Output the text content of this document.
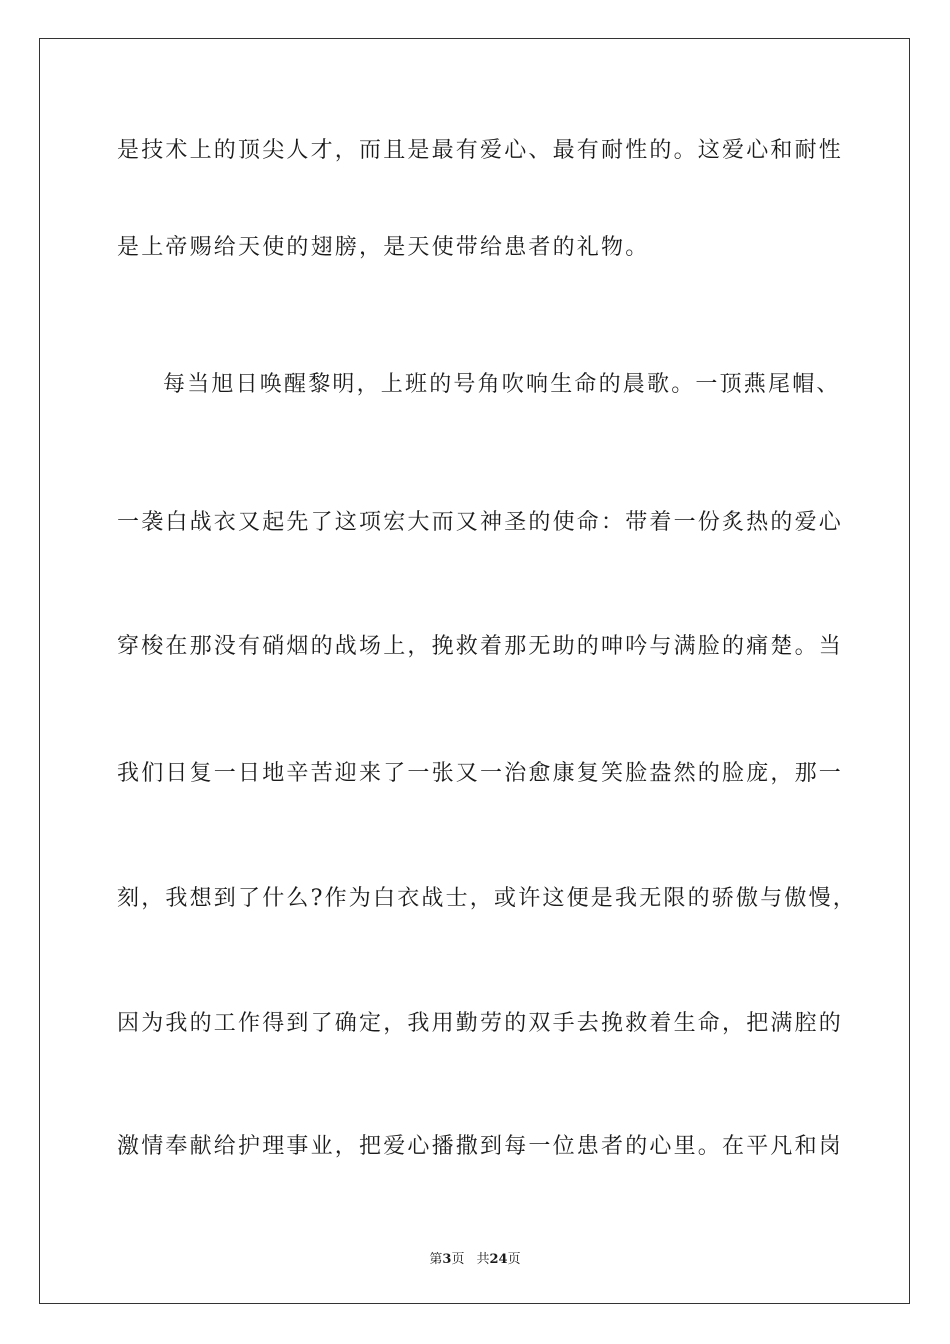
是技术上的顶尖人才，而且是最有爱心、最有耐性的。这爱心和耐性
是上帝赐给天使的翅膀，是天使带给患者的礼物。
每当旭日唤醒黎明，上班的号角吹响生命的晨歌。一顶燕尾帽、
一袭白战衣又起先了这项宏大而又神圣的使命：带着一份炙热的爱心
穿梭在那没有硝烟的战场上，挽救着那无助的呻吟与满脸的痛楚。当
我们日复一日地辛苦迎来了一张又一治愈康复笑脸盎然的脸庞，那一
刻，我想到了什么?作为白衣战士，或许这便是我无限的骄傲与傲慢，
因为我的工作得到了确定，我用勤劳的双手去挽救着生命，把满腔的
激情奉献给护理事业，把爱心播撒到每一位患者的心里。在平凡和岗
第3页 共24页
